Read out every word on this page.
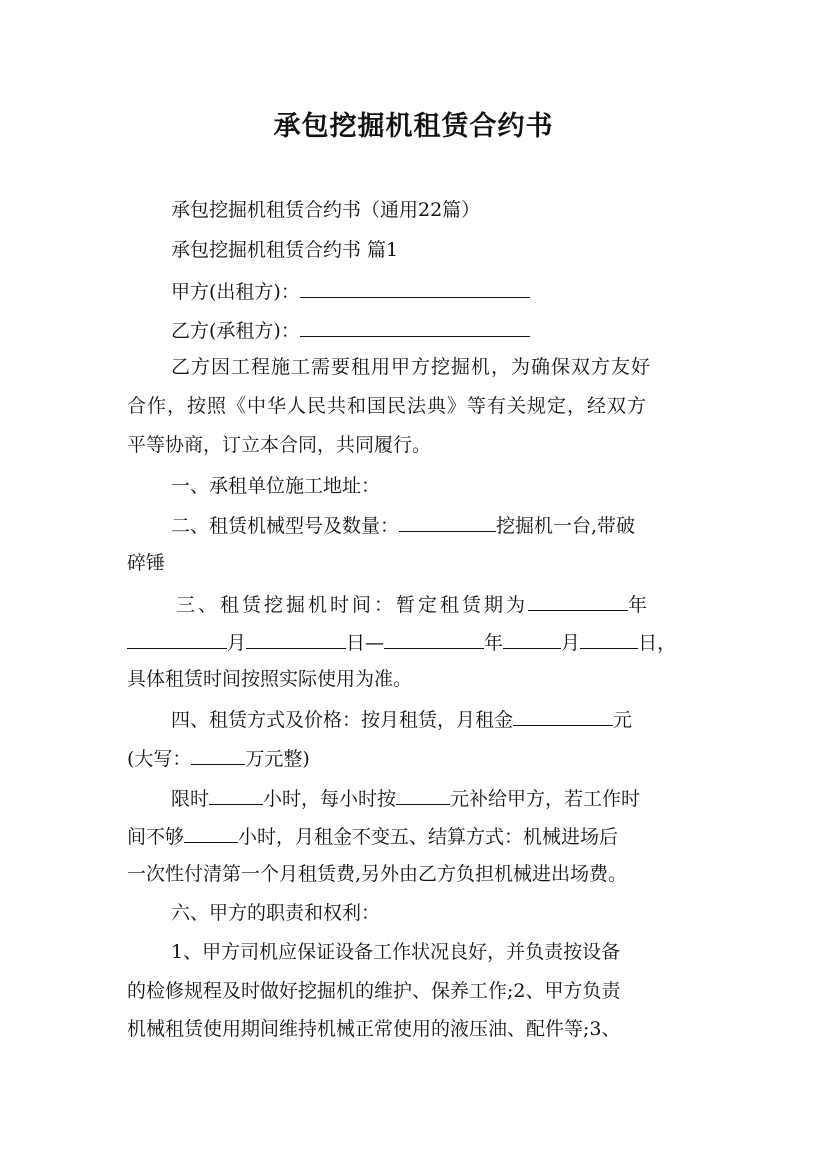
承包挖掘机租赁合约书

承包挖掘机租赁合约书（通用22篇）

承包挖掘机租赁合约书 篇1

甲方(出租方)：

乙方(承租方)：

乙方因工程施工需要租用甲方挖掘机，为确保双方友好

合作，按照《中华人民共和国民法典》等有关规定，经双方

平等协商，订立本合同，共同履行。

一、承租单位施工地址：

二、租赁机械型号及数量：	挖掘机一台,带破

碎锤

三、租赁挖掘机时间：暂定租赁期为	年

月	日—	年	月	日，

具体租赁时间按照实际使用为准。

四、租赁方式及价格：按月租赁，月租金	元

(大写：	万元整)

限时	小时，每小时按	元补给甲方，若工作时

间不够	小时，月租金不变五、结算方式：机械进场后

一次性付清第一个月租赁费,另外由乙方负担机械进出场费。

六、甲方的职责和权利：

1、甲方司机应保证设备工作状况良好，并负责按设备

的检修规程及时做好挖掘机的维护、保养工作;2、甲方负责

机械租赁使用期间维持机械正常使用的液压油、配件等;3、
